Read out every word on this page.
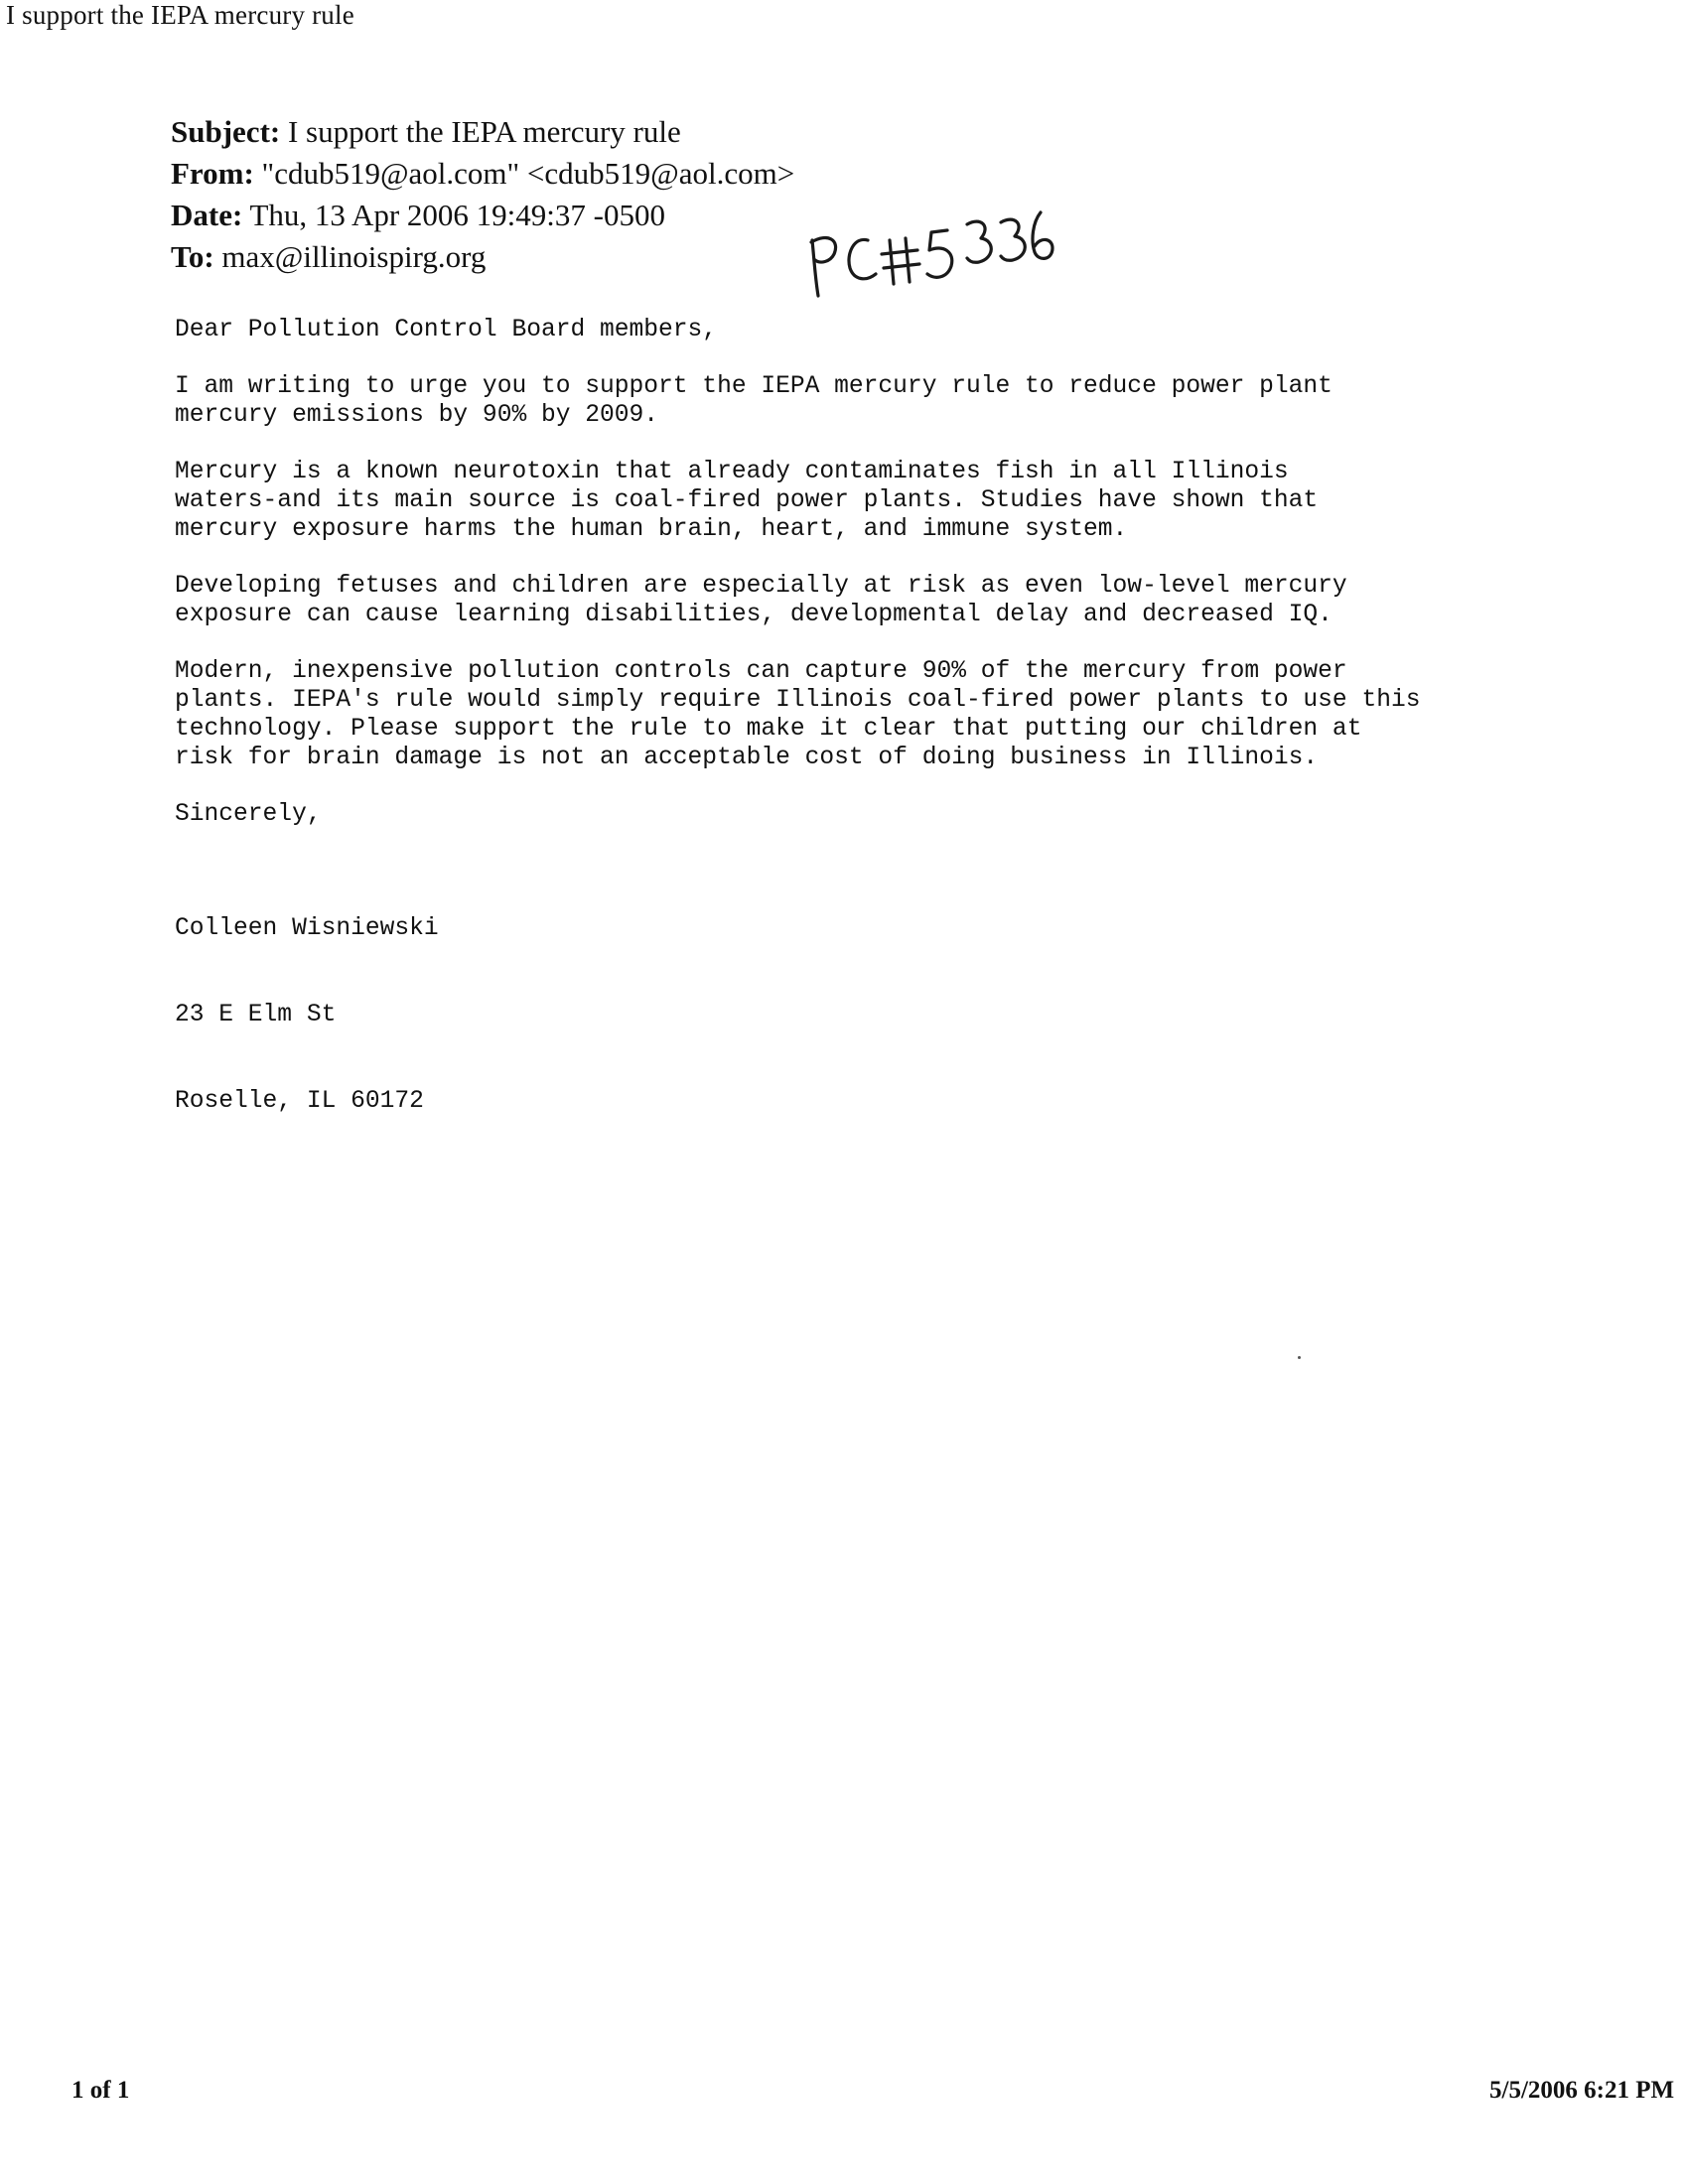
I support the IEPA mercury rule
Subject: I support the IEPA mercury rule
From: "cdub519@aol.com" <cdub519@aol.com>
Date: Thu, 13 Apr 2006 19:49:37 -0500
To: max@illinoispirg.org

Dear Pollution Control Board members,

I am writing to urge you to support the IEPA mercury rule to reduce power plant
mercury emissions by 90% by 2009.

Mercury is a known neurotoxin that already contaminates fish in all Illinois
waters-and its main source is coal-fired power plants. Studies have shown that
mercury exposure harms the human brain, heart, and immune system.

Developing fetuses and children are especially at risk as even low-level mercury
exposure can cause learning disabilities, developmental delay and decreased IQ.

Modern, inexpensive pollution controls can capture 90% of the mercury from power
plants. IEPA's rule would simply require Illinois coal-fired power plants to use this
technology. Please support the rule to make it clear that putting our children at
risk for brain damage is not an acceptable cost of doing business in Illinois.

Sincerely,

Colleen Wisniewski

23 E Elm St

Roselle, IL 60172

1 of 1	5/5/2006 6:21 PM
